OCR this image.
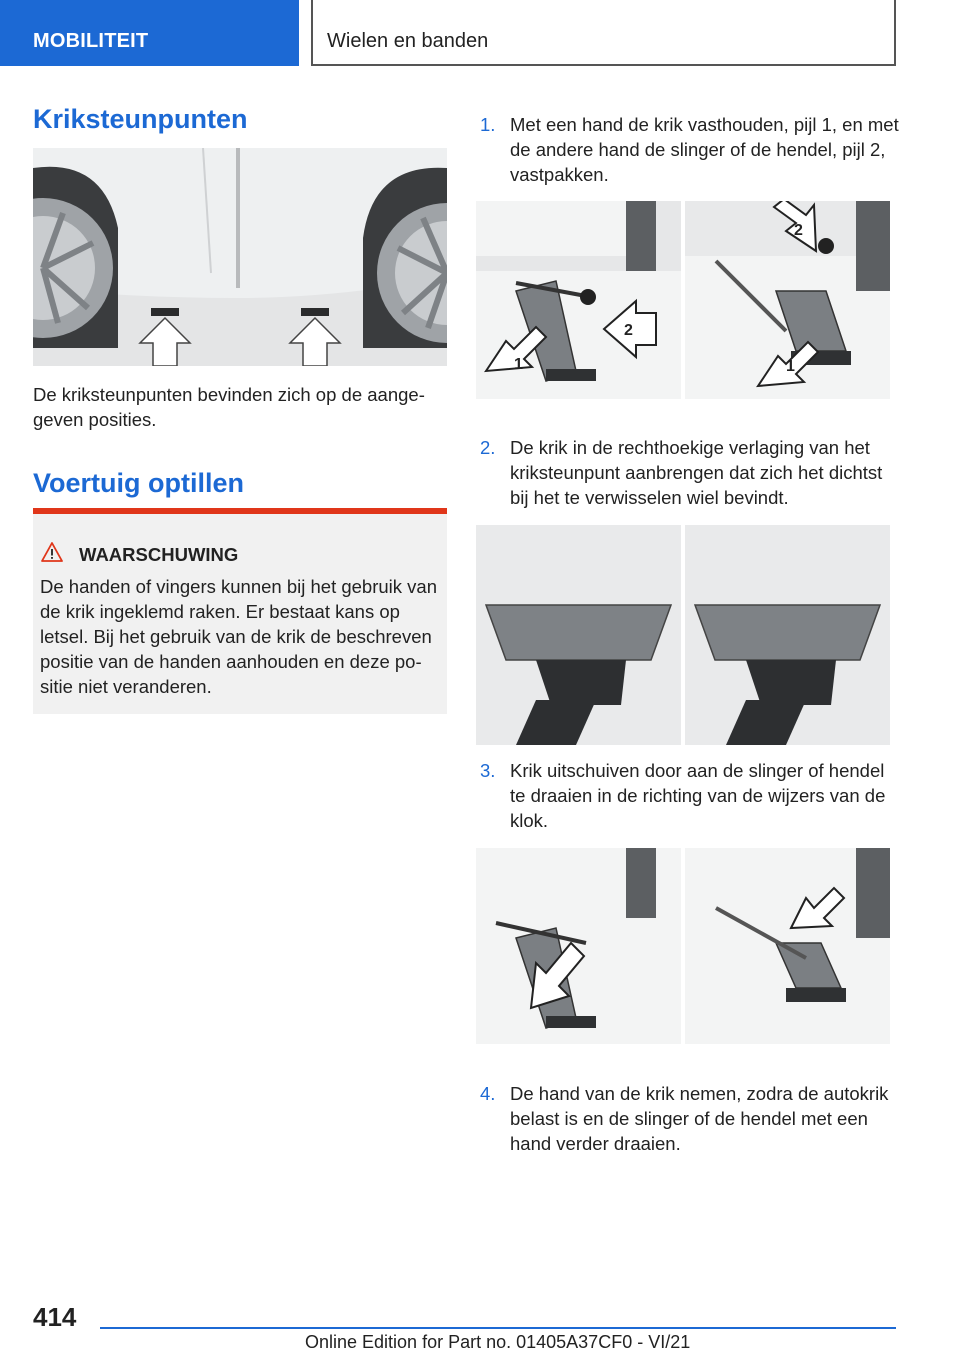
MOBILITEIT	Wielen en banden
Kriksteunpunten
De kriksteunpunten bevinden zich op de aangegeven posities.
Voertuig optillen
WAARSCHUWING
De handen of vingers kunnen bij het gebruik van de krik ingeklemd raken. Er bestaat kans op letsel. Bij het gebruik van de krik de beschreven positie van de handen aanhouden en deze positie niet veranderen.
1. Met een hand de krik vasthouden, pijl 1, en met de andere hand de slinger of de hendel, pijl 2, vastpakken.
1
2
1
2
2. De krik in de rechthoekige verlaging van het kriksteunpunt aanbrengen dat zich het dichtst bij het te verwisselen wiel bevindt.
3. Krik uitschuiven door aan de slinger of hendel te draaien in de richting van de wijzers van de klok.
4. De hand van de krik nemen, zodra de autokrik belast is en de slinger of de hendel met een hand verder draaien.
414
Online Edition for Part no. 01405A37CF0 - VI/21
